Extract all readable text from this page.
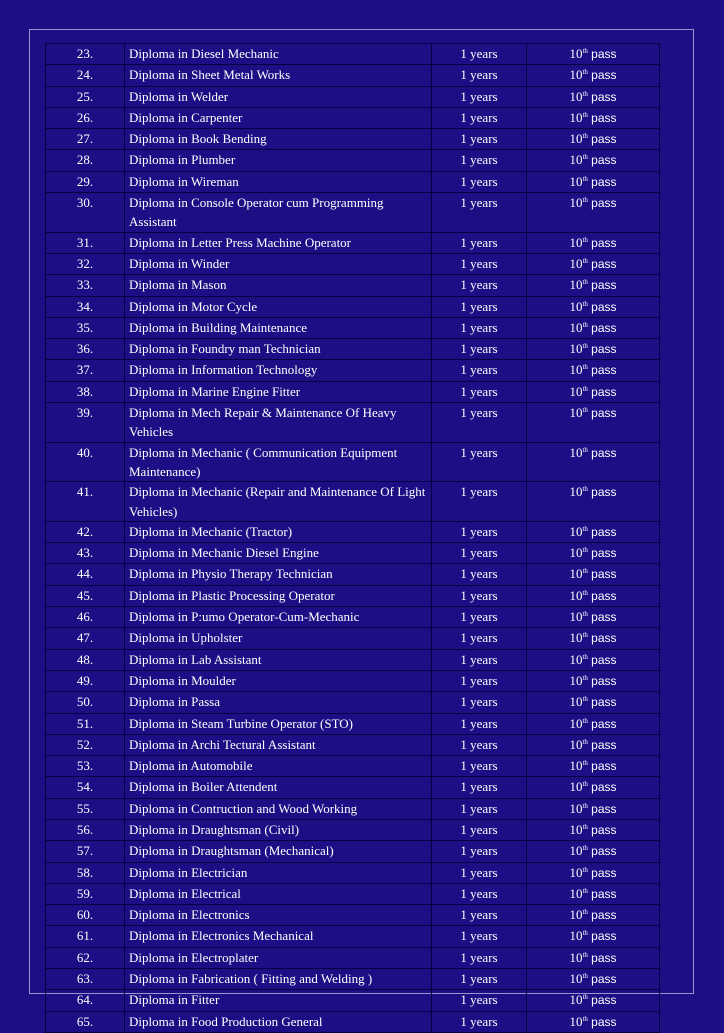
23.	Diploma in Diesel Mechanic	1 years	10th pass
24.	Diploma in Sheet Metal Works	1 years	10th pass
25.	Diploma in Welder	1 years	10th pass
26.	Diploma in Carpenter	1 years	10th pass
27.	Diploma in Book Bending	1 years	10th pass
28.	Diploma in Plumber	1 years	10th pass
29.	Diploma in Wireman	1 years	10th pass
30.	Diploma in Console Operator cum Programming Assistant	1 years	10th pass
31.	Diploma in Letter Press Machine Operator	1 years	10th pass
32.	Diploma in Winder	1 years	10th pass
33.	Diploma in Mason	1 years	10th pass
34.	Diploma in Motor Cycle	1 years	10th pass
35.	Diploma in Building Maintenance	1 years	10th pass
36.	Diploma in Foundry man Technician	1 years	10th pass
37.	Diploma in Information Technology	1 years	10th pass
38.	Diploma in Marine Engine Fitter	1 years	10th pass
39.	Diploma in Mech Repair & Maintenance Of Heavy Vehicles	1 years	10th pass
40.	Diploma in Mechanic ( Communication Equipment Maintenance)	1 years	10th pass
41.	Diploma in Mechanic (Repair and Maintenance Of Light Vehicles)	1 years	10th pass
42.	Diploma in Mechanic (Tractor)	1 years	10th pass
43.	Diploma in Mechanic Diesel Engine	1 years	10th pass
44.	Diploma in Physio Therapy Technician	1 years	10th pass
45.	Diploma in Plastic Processing Operator	1 years	10th pass
46.	Diploma in P:umo Operator-Cum-Mechanic	1 years	10th pass
47.	Diploma in Upholster	1 years	10th pass
48.	Diploma in Lab Assistant	1 years	10th pass
49.	Diploma in Moulder	1 years	10th pass
50.	Diploma in Passa	1 years	10th pass
51.	Diploma in Steam Turbine Operator (STO)	1 years	10th pass
52.	Diploma in Archi Tectural Assistant	1 years	10th pass
53.	Diploma in Automobile	1 years	10th pass
54.	Diploma in Boiler Attendent	1 years	10th pass
55.	Diploma in Contruction and Wood Working	1 years	10th pass
56.	Diploma in Draughtsman (Civil)	1 years	10th pass
57.	Diploma in Draughtsman (Mechanical)	1 years	10th pass
58.	Diploma in Electrician	1 years	10th pass
59.	Diploma in Electrical	1 years	10th pass
60.	Diploma in Electronics	1 years	10th pass
61.	Diploma in Electronics Mechanical	1 years	10th pass
62.	Diploma in Electroplater	1 years	10th pass
63.	Diploma in Fabrication ( Fitting and Welding )	1 years	10th pass
64.	Diploma in Fitter	1 years	10th pass
65.	Diploma in Food Production General	1 years	10th pass
